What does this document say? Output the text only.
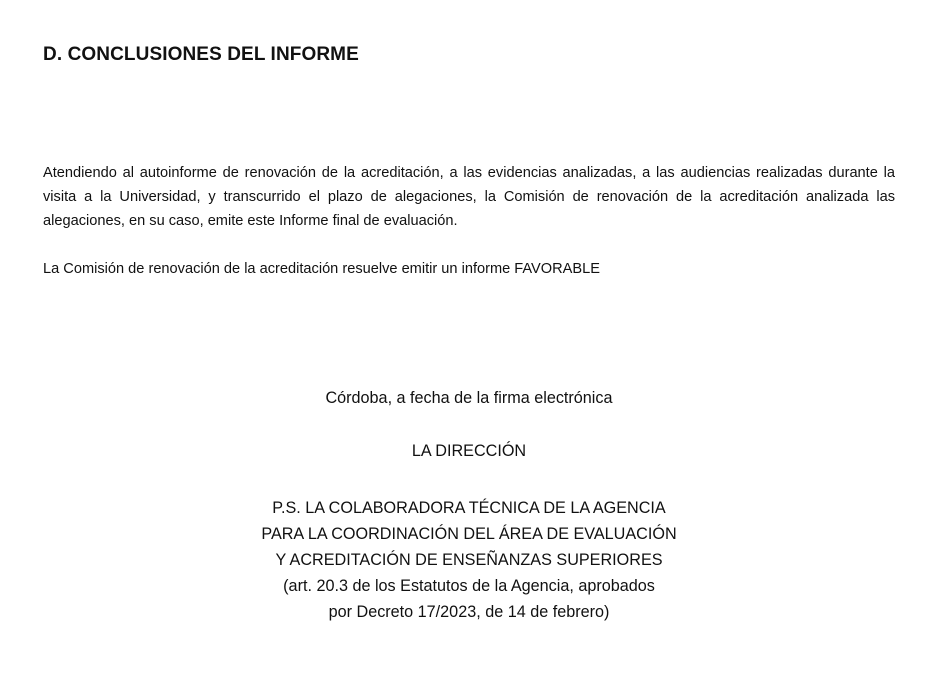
D. CONCLUSIONES DEL INFORME

Atendiendo al autoinforme de renovación de la acreditación, a las evidencias analizadas, a las audiencias realizadas durante la visita a la Universidad, y transcurrido el plazo de alegaciones, la Comisión de renovación de la acreditación analizada las alegaciones, en su caso, emite este Informe final de evaluación.

La Comisión de renovación de la acreditación resuelve emitir un informe FAVORABLE

Córdoba, a fecha de la firma electrónica

LA DIRECCIÓN

P.S. LA COLABORADORA TÉCNICA DE LA AGENCIA
PARA LA COORDINACIÓN DEL ÁREA DE EVALUACIÓN
Y ACREDITACIÓN DE ENSEÑANZAS SUPERIORES
(art. 20.3 de los Estatutos de la Agencia, aprobados
por Decreto 17/2023, de 14 de febrero)
